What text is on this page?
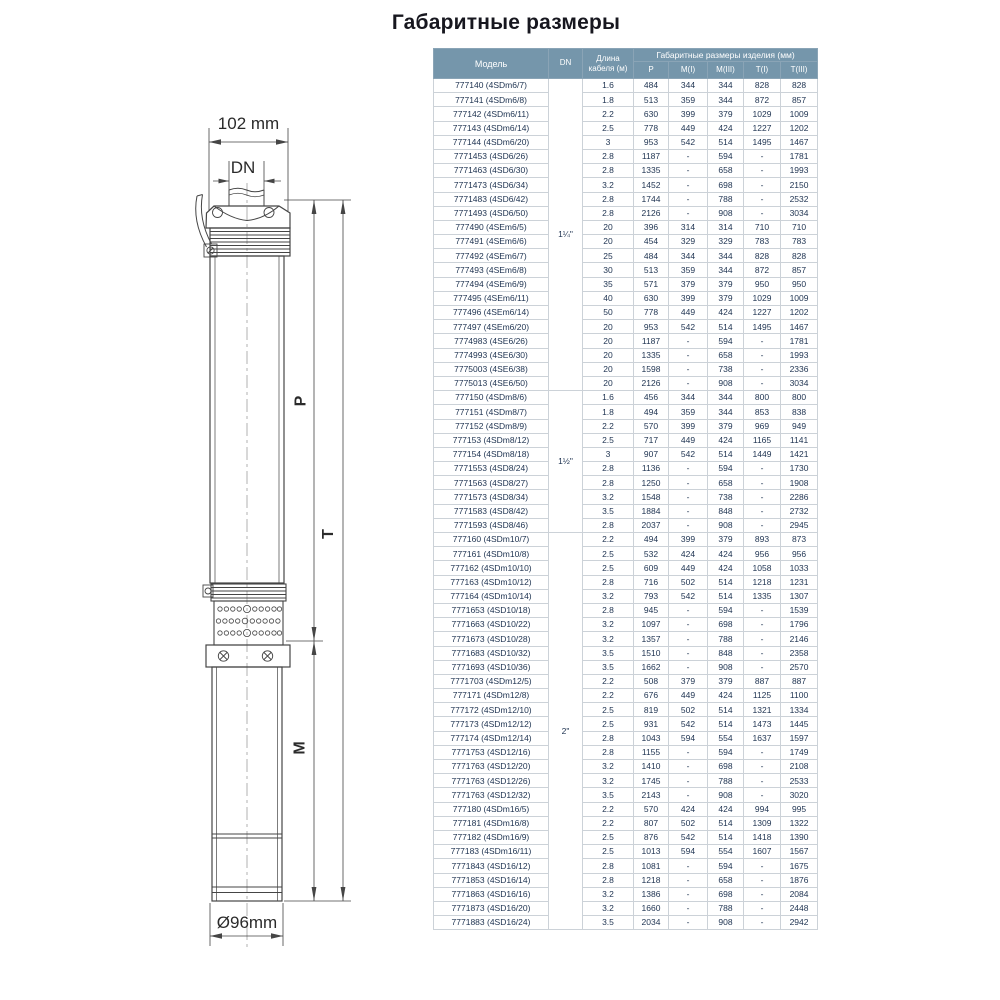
Габаритные размеры
102 mm
DN
P
T
M
Ø96mm
Модель	DN	Длина кабеля (м)	Габаритные размеры изделия (мм)				
			P	M(I)	M(III)	T(I)	T(III)
777140 (4SDm6/7)	1¼"	1.6	484	344	344	828	828
777141 (4SDm6/8)		1.8	513	359	344	872	857
777142 (4SDm6/11)		2.2	630	399	379	1029	1009
777143 (4SDm6/14)		2.5	778	449	424	1227	1202
777144 (4SDm6/20)		3	953	542	514	1495	1467
7771453 (4SD6/26)		2.8	1187	-	594	-	1781
7771463 (4SD6/30)		2.8	1335	-	658	-	1993
7771473 (4SD6/34)		3.2	1452	-	698	-	2150
7771483 (4SD6/42)		2.8	1744	-	788	-	2532
7771493 (4SD6/50)		2.8	2126	-	908	-	3034
777490 (4SEm6/5)		20	396	314	314	710	710
777491 (4SEm6/6)		20	454	329	329	783	783
777492 (4SEm6/7)		25	484	344	344	828	828
777493 (4SEm6/8)		30	513	359	344	872	857
777494 (4SEm6/9)		35	571	379	379	950	950
777495 (4SEm6/11)		40	630	399	379	1029	1009
777496 (4SEm6/14)		50	778	449	424	1227	1202
777497 (4SEm6/20)		20	953	542	514	1495	1467
7774983 (4SE6/26)		20	1187	-	594	-	1781
7774993 (4SE6/30)		20	1335	-	658	-	1993
7775003 (4SE6/38)		20	1598	-	738	-	2336
7775013 (4SE6/50)		20	2126	-	908	-	3034
777150 (4SDm8/6)	1½"	1.6	456	344	344	800	800
777151 (4SDm8/7)		1.8	494	359	344	853	838
777152 (4SDm8/9)		2.2	570	399	379	969	949
777153 (4SDm8/12)		2.5	717	449	424	1165	1141
777154 (4SDm8/18)		3	907	542	514	1449	1421
7771553 (4SD8/24)		2.8	1136	-	594	-	1730
7771563 (4SD8/27)		2.8	1250	-	658	-	1908
7771573 (4SD8/34)		3.2	1548	-	738	-	2286
7771583 (4SD8/42)		3.5	1884	-	848	-	2732
7771593 (4SD8/46)		2.8	2037	-	908	-	2945
777160 (4SDm10/7)	2"	2.2	494	399	379	893	873
777161 (4SDm10/8)		2.5	532	424	424	956	956
777162 (4SDm10/10)		2.5	609	449	424	1058	1033
777163 (4SDm10/12)		2.8	716	502	514	1218	1231
777164 (4SDm10/14)		3.2	793	542	514	1335	1307
7771653 (4SD10/18)		2.8	945	-	594	-	1539
7771663 (4SD10/22)		3.2	1097	-	698	-	1796
7771673 (4SD10/28)		3.2	1357	-	788	-	2146
7771683 (4SD10/32)		3.5	1510	-	848	-	2358
7771693 (4SD10/36)		3.5	1662	-	908	-	2570
7771703 (4SDm12/5)		2.2	508	379	379	887	887
777171 (4SDm12/8)		2.2	676	449	424	1125	1100
777172 (4SDm12/10)		2.5	819	502	514	1321	1334
777173 (4SDm12/12)		2.5	931	542	514	1473	1445
777174 (4SDm12/14)		2.8	1043	594	554	1637	1597
7771753 (4SD12/16)		2.8	1155	-	594	-	1749
7771763 (4SD12/20)		3.2	1410	-	698	-	2108
7771763 (4SD12/26)		3.2	1745	-	788	-	2533
7771763 (4SD12/32)		3.5	2143	-	908	-	3020
777180 (4SDm16/5)		2.2	570	424	424	994	995
777181 (4SDm16/8)		2.2	807	502	514	1309	1322
777182 (4SDm16/9)		2.5	876	542	514	1418	1390
777183 (4SDm16/11)		2.5	1013	594	554	1607	1567
7771843 (4SD16/12)		2.8	1081	-	594	-	1675
7771853 (4SD16/14)		2.8	1218	-	658	-	1876
7771863 (4SD16/16)		3.2	1386	-	698	-	2084
7771873 (4SD16/20)		3.2	1660	-	788	-	2448
7771883 (4SD16/24)		3.5	2034	-	908	-	2942
